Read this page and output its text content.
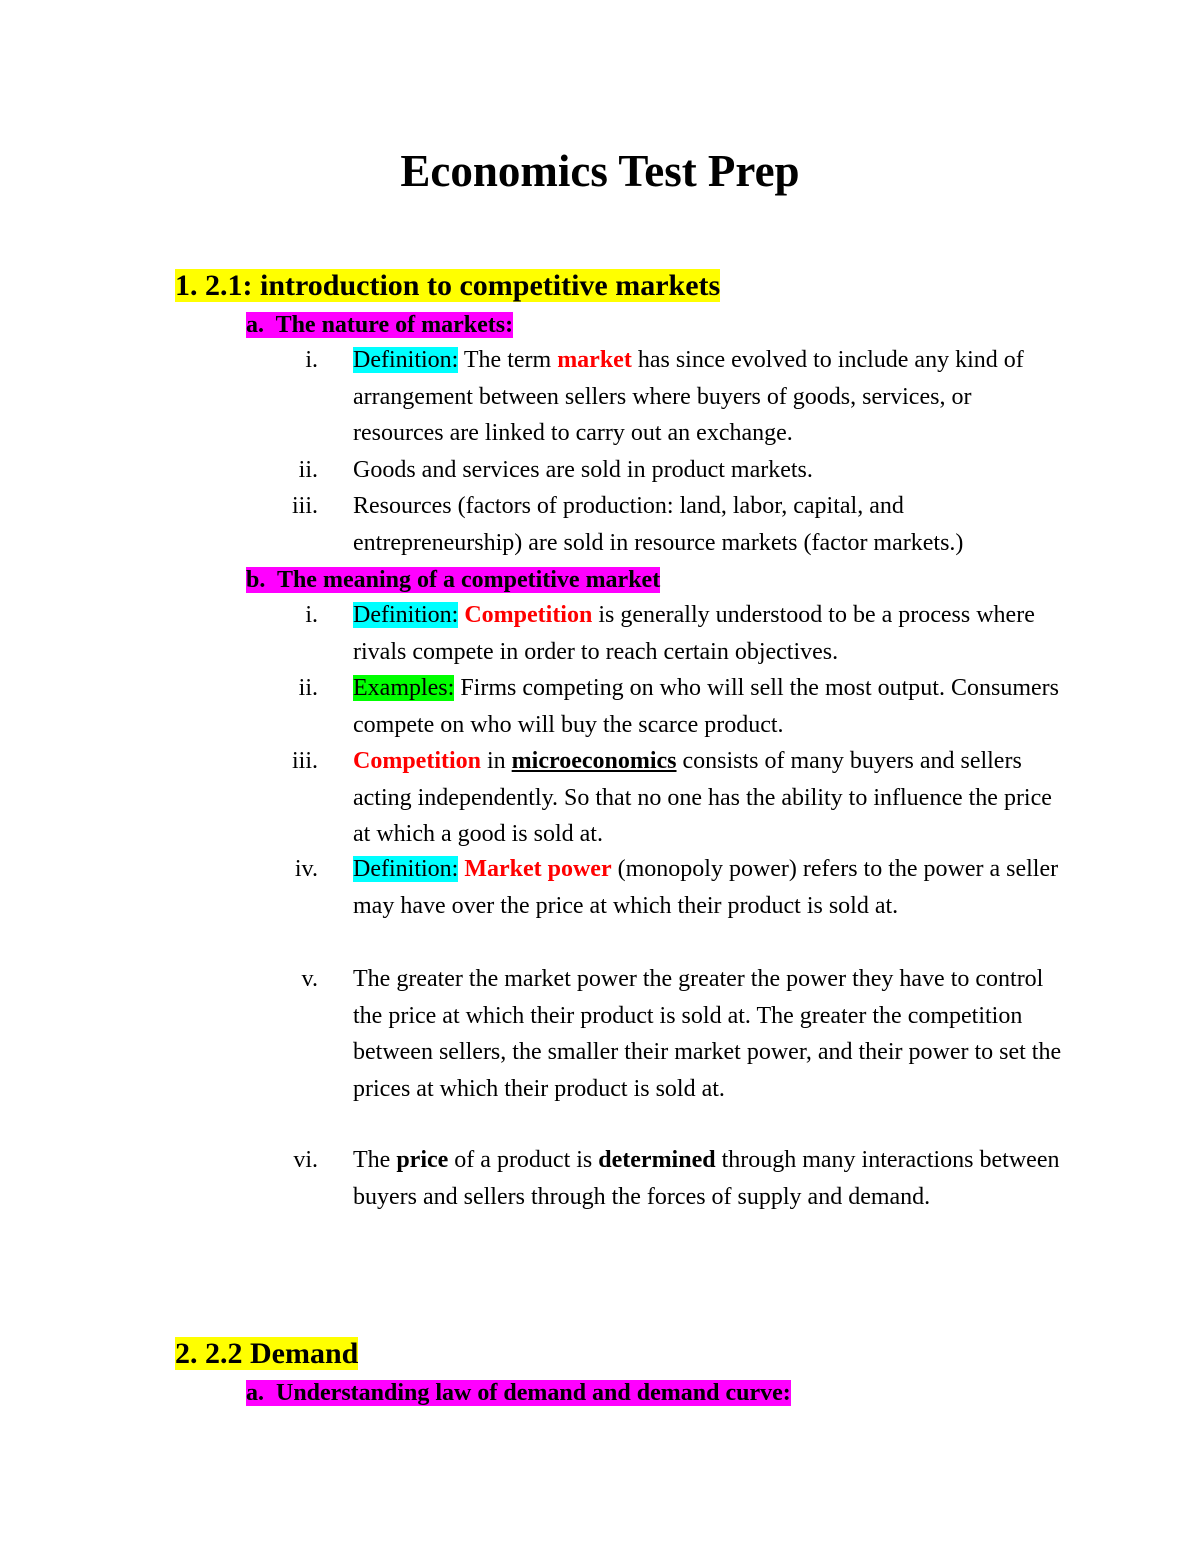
Economics Test Prep
1. 2.1: introduction to competitive markets
a. The nature of markets:
i. Definition: The term market has since evolved to include any kind of arrangement between sellers where buyers of goods, services, or resources are linked to carry out an exchange.
ii. Goods and services are sold in product markets.
iii. Resources (factors of production: land, labor, capital, and entrepreneurship) are sold in resource markets (factor markets.)
b. The meaning of a competitive market
i. Definition: Competition is generally understood to be a process where rivals compete in order to reach certain objectives.
ii. Examples: Firms competing on who will sell the most output. Consumers compete on who will buy the scarce product.
iii. Competition in microeconomics consists of many buyers and sellers acting independently. So that no one has the ability to influence the price at which a good is sold at.
iv. Definition: Market power (monopoly power) refers to the power a seller may have over the price at which their product is sold at.
v. The greater the market power the greater the power they have to control the price at which their product is sold at. The greater the competition between sellers, the smaller their market power, and their power to set the prices at which their product is sold at.
vi. The price of a product is determined through many interactions between buyers and sellers through the forces of supply and demand.
2. 2.2 Demand
a. Understanding law of demand and demand curve:
